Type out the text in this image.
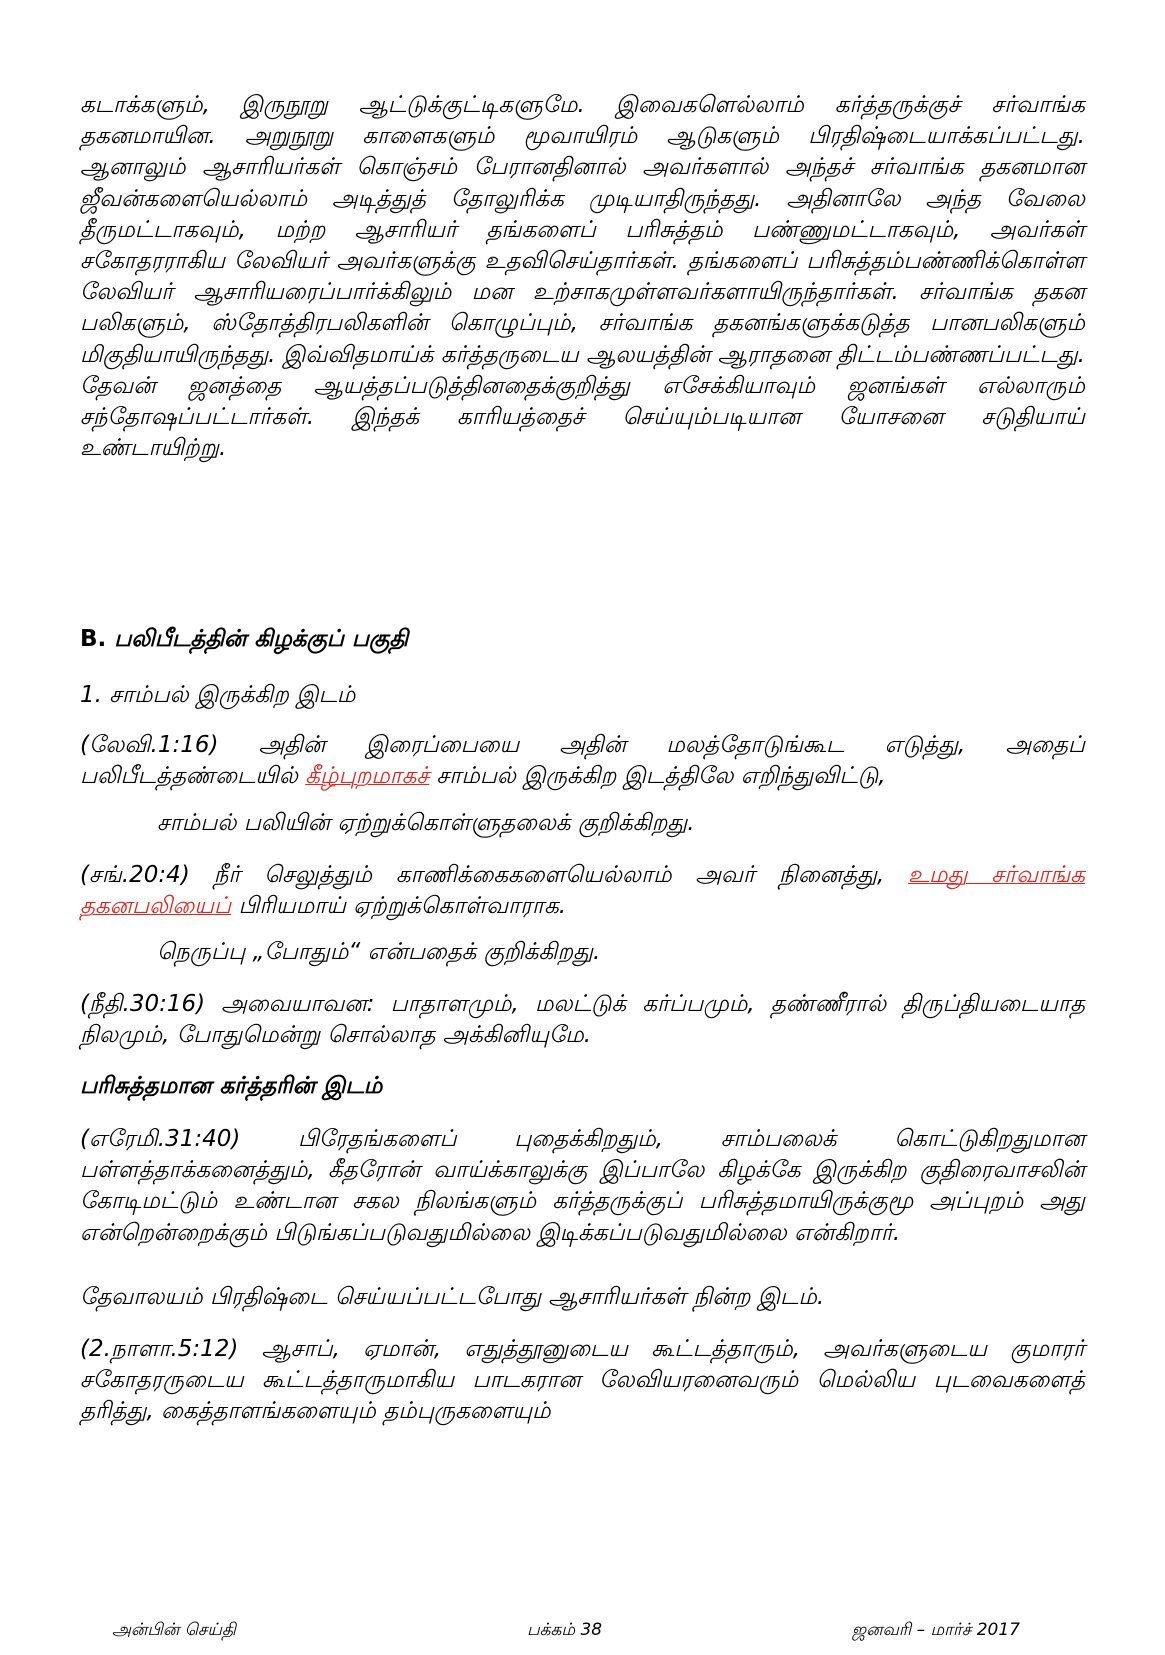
கடாக்களும், இருநூறு ஆட்டுக்குட்டிகளுமே. இவைகளெல்லாம் கர்த்தருக்குச் சர்வாங்க தகனமாயின. அறுநூறு காளைகளும் மூவாயிரம் ஆடுகளும் பிரதிஷ்டையாக்கப்பட்டது. ஆனாலும் ஆசாரியர்கள் கொஞ்சம் பேரானதினால் அவர்களால் அந்தச் சர்வாங்க தகனமான ஜீவன்களையெல்லாம் அடித்துத் தோலுரிக்க முடியாதிருந்தது. அதினாலே அந்த வேலை தீருமட்டாகவும், மற்ற ஆசாரியர் தங்களைப் பரிசுத்தம் பண்ணுமட்டாகவும், அவர்கள் சகோதரராகிய லேவியர் அவர்களுக்கு உதவிசெய்தார்கள். தங்களைப் பரிசுத்தம்பண்ணிக்கொள்ள லேவியர் ஆசாரியரைப்பார்க்கிலும் மன உற்சாகமுள்ளவர்களாயிருந்தார்கள். சர்வாங்க தகன பலிகளும், ஸ்தோத்திரபலிகளின் கொழுப்பும், சர்வாங்க தகனங்களுக்கடுத்த பானபலிகளும் மிகுதியாயிருந்தது. இவ்விதமாய்க் கர்த்தருடைய ஆலயத்தின் ஆராதனை திட்டம்பண்ணப்பட்டது. தேவன் ஜனத்தை ஆயத்தப்படுத்தினதைக்குறித்து எசேக்கியாவும் ஜனங்கள் எல்லாரும் சந்தோஷப்பட்டார்கள். இந்தக் காரியத்தைச் செய்யும்படியான யோசனை சடுதியாய் உண்டாயிற்று.

B. பலிபீடத்தின் கிழக்குப் பகுதி

1. சாம்பல் இருக்கிற இடம்

(லேவி.1:16) அதின் இரைப்பையை அதின் மலத்தோடுங்கூட எடுத்து, அதைப் பலிபீடத்தண்டையில் கீழ்புறமாகச் சாம்பல் இருக்கிற இடத்திலே எறிந்துவிட்டு,

சாம்பல் பலியின் ஏற்றுக்கொள்ளுதலைக் குறிக்கிறது.

(சங்.20:4) நீர் செலுத்தும் காணிக்கைகளையெல்லாம் அவர் நினைத்து, உமது சர்வாங்க தகனபலியைப் பிரியமாய் ஏற்றுக்கொள்வாராக.

நெருப்பு „போதும்“ என்பதைக் குறிக்கிறது.

(நீதி.30:16) அவையாவன: பாதாளமும், மலட்டுக் கர்ப்பமும், தண்ணீரால் திருப்தியடையாத நிலமும், போதுமென்று சொல்லாத அக்கினியுமே.

பரிசுத்தமான கர்த்தரின் இடம்

(எரேமி.31:40) பிரேதங்களைப் புதைக்கிறதும், சாம்பலைக் கொட்டுகிறதுமான பள்ளத்தாக்கனைத்தும், கீதரோன் வாய்க்காலுக்கு இப்பாலே கிழக்கே இருக்கிற குதிரைவாசலின் கோடிமட்டும் உண்டான சகல நிலங்களும் கர்த்தருக்குப் பரிசுத்தமாயிருக்குமூ அப்புறம் அது என்றென்றைக்கும் பிடுங்கப்படுவதுமில்லை இடிக்கப்படுவதுமில்லை என்கிறார்.

தேவாலயம் பிரதிஷ்டை செய்யப்பட்டபோது ஆசாரியர்கள் நின்ற இடம்.

(2.நாளா.5:12) ஆசாப், ஏமான், எதுத்தூனுடைய கூட்டத்தாரும், அவர்களுடைய குமாரர் சகோதரருடைய கூட்டத்தாருமாகிய பாடகரான லேவியரனைவரும் மெல்லிய புடவைகளைத் தரித்து, கைத்தாளங்களையும் தம்புருகளையும்

அன்பின் செய்தி	பக்கம் 38	ஜனவரி – மார்ச் 2017
